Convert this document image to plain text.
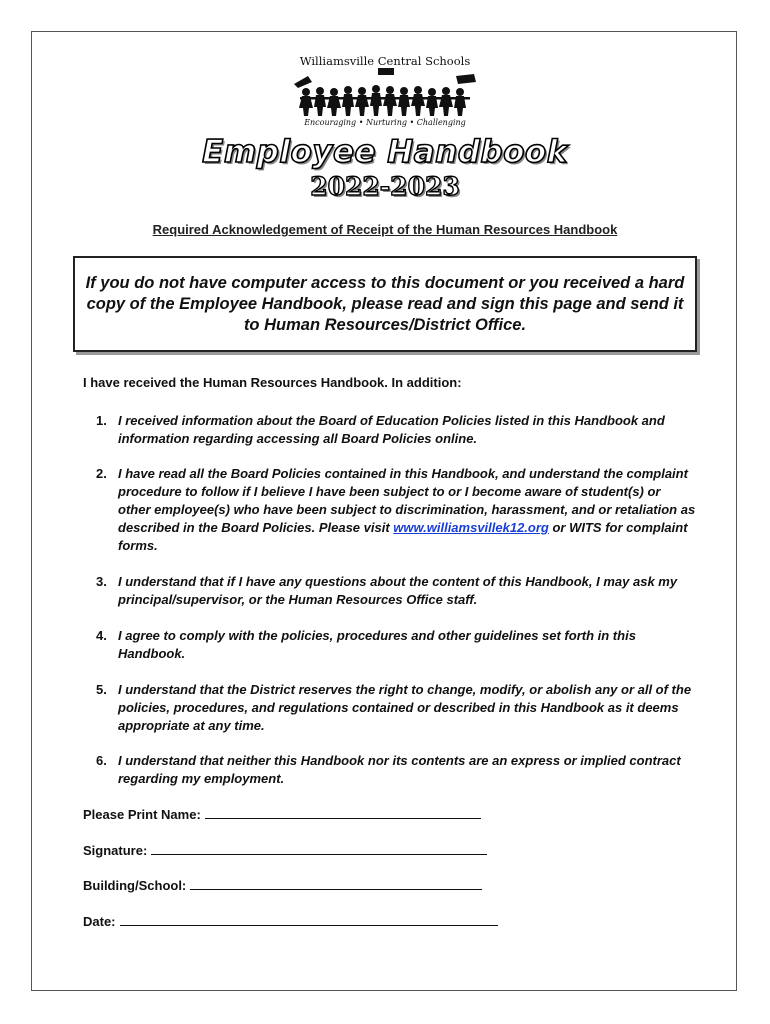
Williamsville Central Schools
Encouraging • Nurturing • Challenging
Employee Handbook
2022-2023
Required Acknowledgement of Receipt of the Human Resources Handbook
If you do not have computer access to this document or you received a hard copy of the Employee Handbook, please read and sign this page and send it to Human Resources/District Office.
I have received the Human Resources Handbook. In addition:
1. I received information about the Board of Education Policies listed in this Handbook and information regarding accessing all Board Policies online.
2. I have read all the Board Policies contained in this Handbook, and understand the complaint procedure to follow if I believe I have been subject to or I become aware of student(s) or other employee(s) who have been subject to discrimination, harassment, and or retaliation as described in the Board Policies. Please visit www.williamsvillek12.org or WITS for complaint forms.
3. I understand that if I have any questions about the content of this Handbook, I may ask my principal/supervisor, or the Human Resources Office staff.
4. I agree to comply with the policies, procedures and other guidelines set forth in this Handbook.
5. I understand that the District reserves the right to change, modify, or abolish any or all of the policies, procedures, and regulations contained or described in this Handbook as it deems appropriate at any time.
6. I understand that neither this Handbook nor its contents are an express or implied contract regarding my employment.
Please Print Name:
Signature:
Building/School:
Date:
